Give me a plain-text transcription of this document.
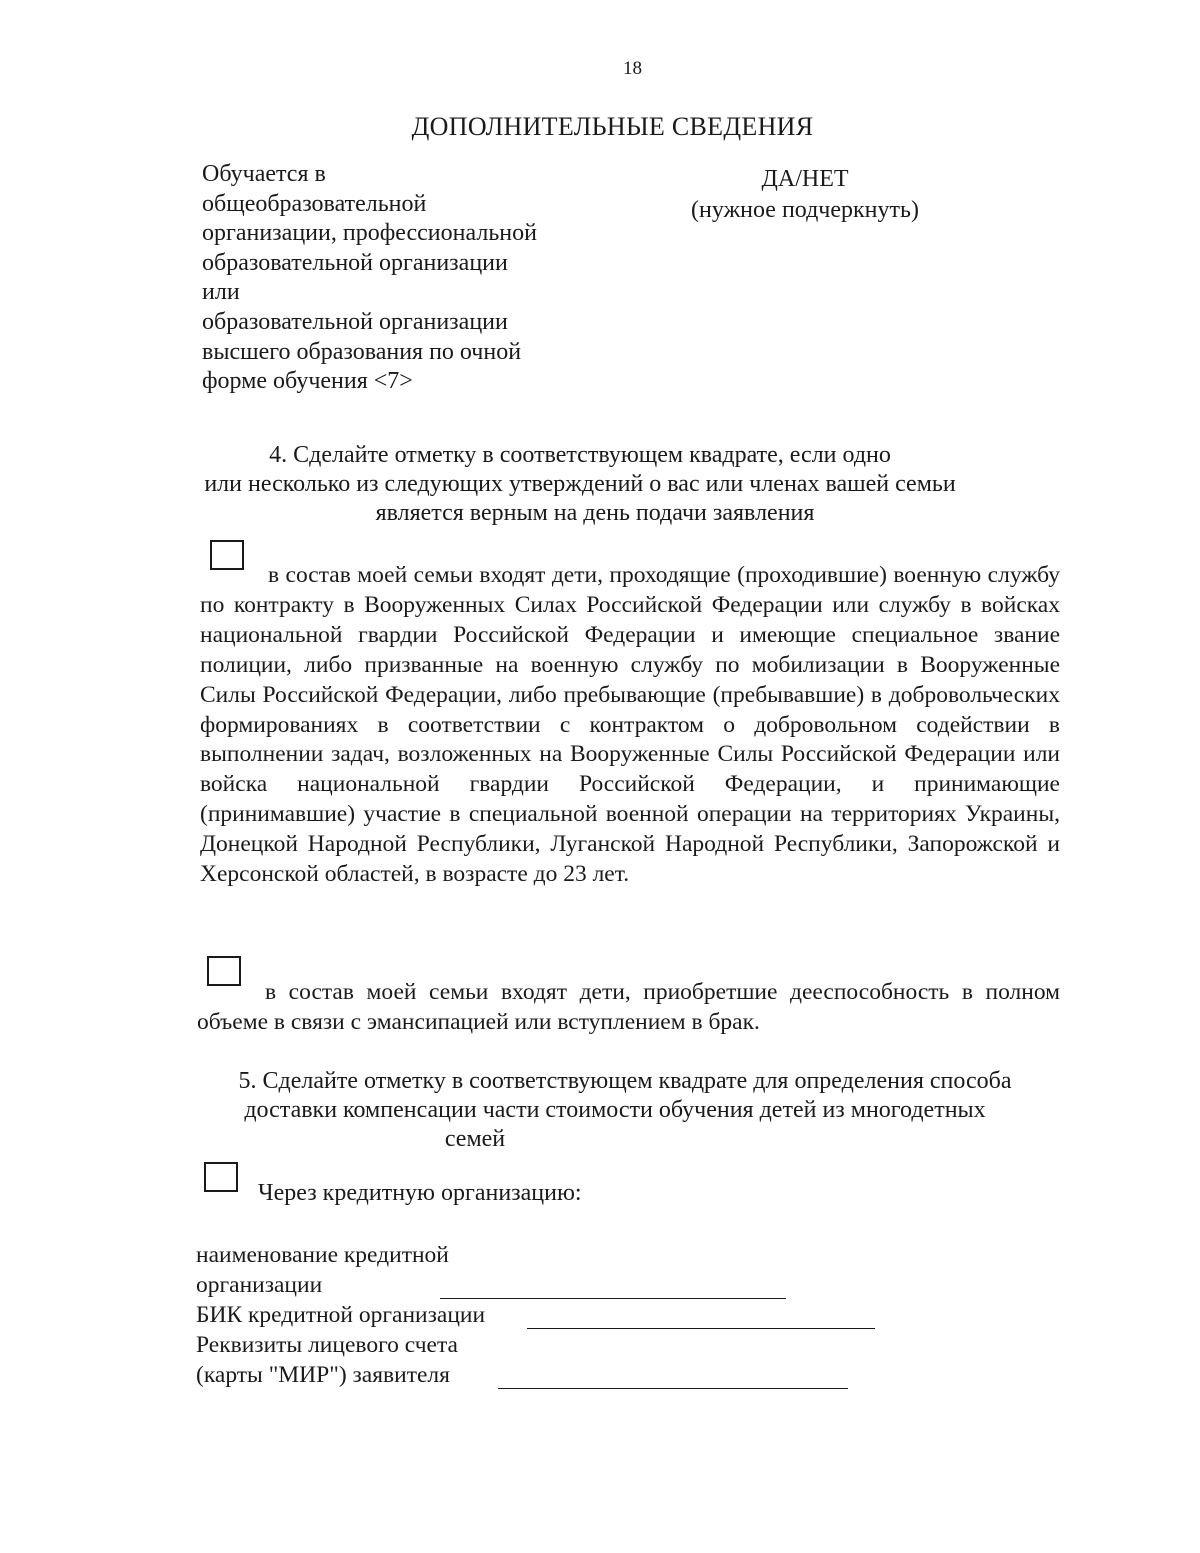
18
ДОПОЛНИТЕЛЬНЫЕ СВЕДЕНИЯ
Обучается в
общеобразовательной
организации, профессиональной
образовательной организации
или
образовательной организации
высшего образования по очной
форме обучения <7>
ДА/НЕТ
(нужное подчеркнуть)
4. Сделайте отметку в соответствующем квадрате, если одно
или несколько из следующих утверждений о вас или членах вашей семьи
является верным на день подачи заявления
в состав моей семьи входят дети, проходящие (проходившие) военную службу по контракту в Вооруженных Силах Российской Федерации или службу в войсках национальной гвардии Российской Федерации и имеющие специальное звание полиции, либо призванные на военную службу по мобилизации в Вооруженные Силы Российской Федерации, либо пребывающие (пребывавшие) в добровольческих формированиях в соответствии с контрактом о добровольном содействии в выполнении задач, возложенных на Вооруженные Силы Российской Федерации или войска национальной гвардии Российской Федерации, и принимающие (принимавшие) участие в специальной военной операции на территориях Украины, Донецкой Народной Республики, Луганской Народной Республики, Запорожской и Херсонской областей, в возрасте до 23 лет.
в состав моей семьи входят дети, приобретшие дееспособность в полном объеме в связи с эмансипацией или вступлением в брак.
5. Сделайте отметку в соответствующем квадрате для определения способа
доставки компенсации части стоимости обучения детей из многодетных
семей
Через кредитную организацию:
наименование кредитной
организации
БИК кредитной организации
Реквизиты лицевого счета
(карты "МИР") заявителя
